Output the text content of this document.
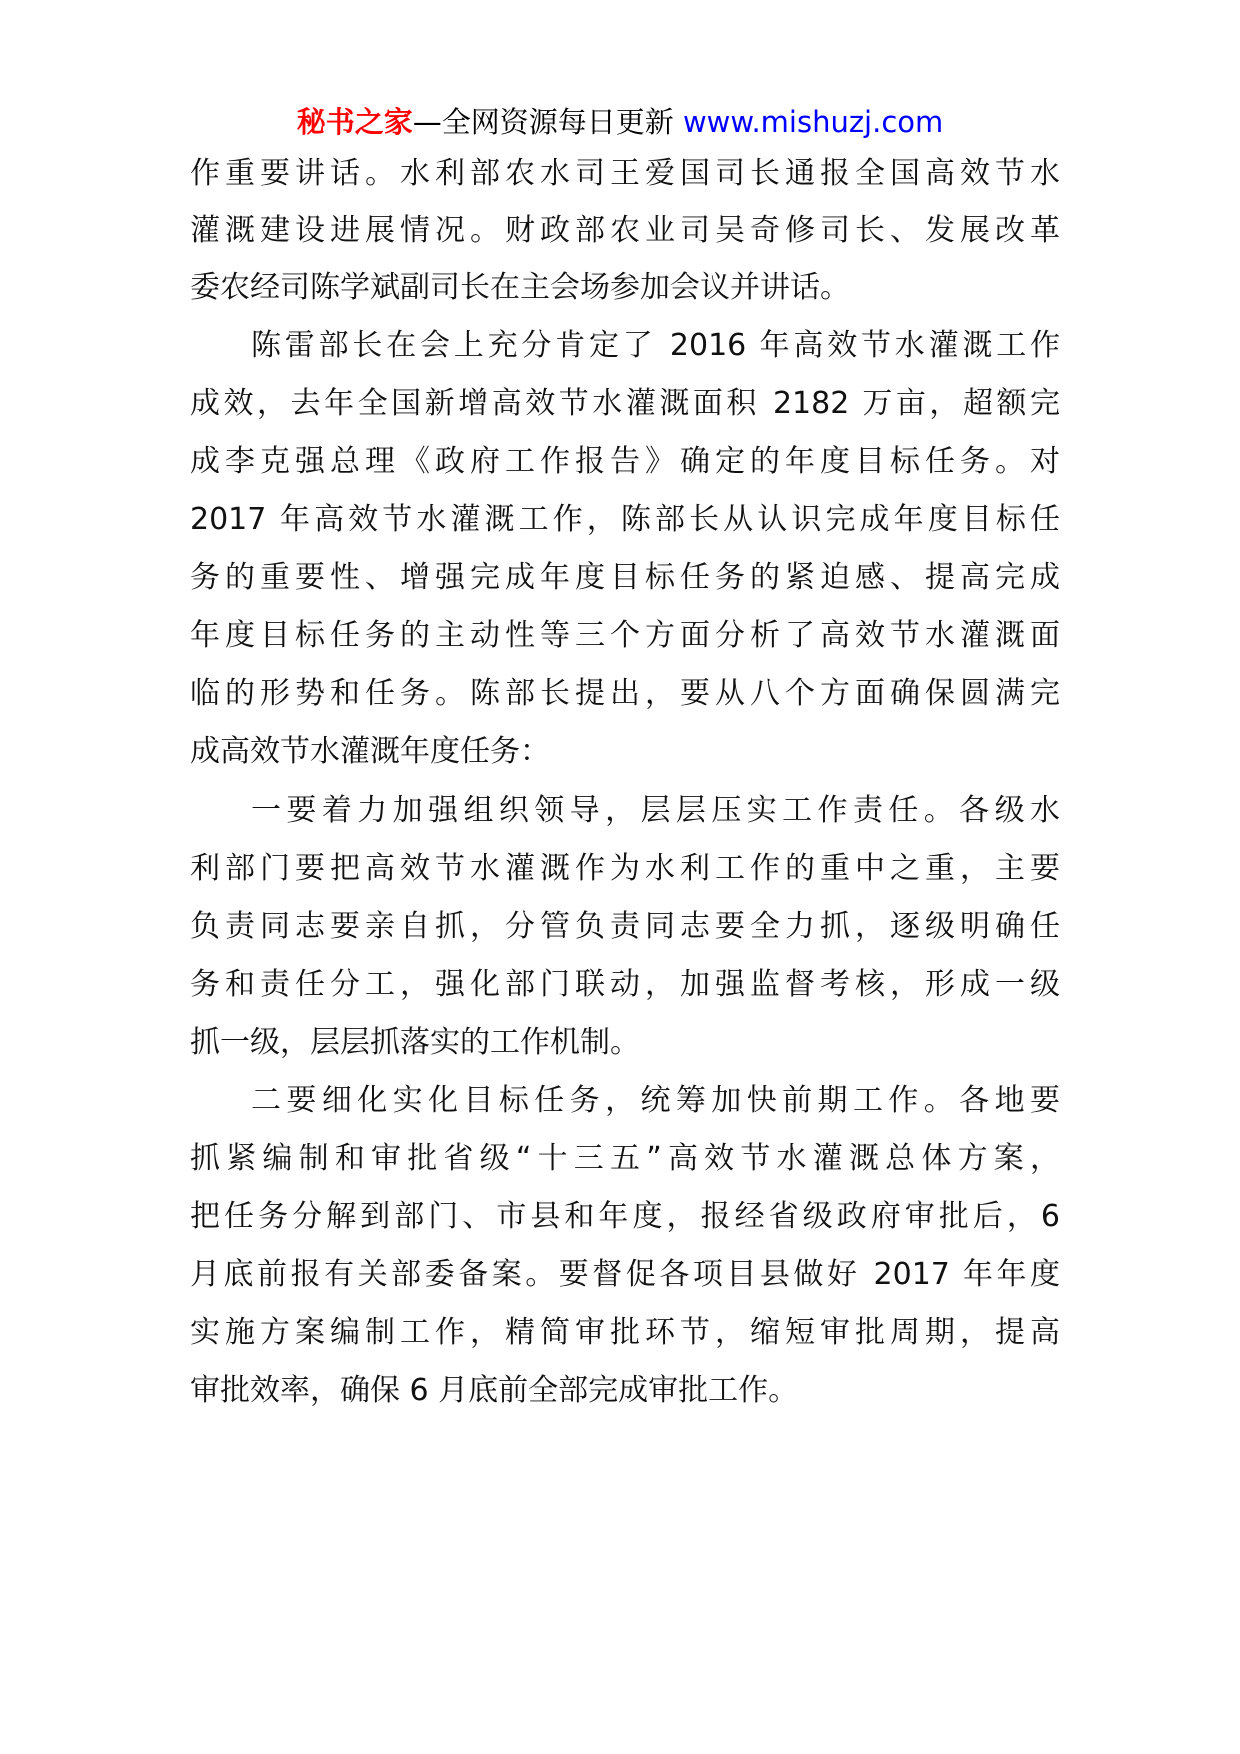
秘书之家—全网资源每日更新 www.mishuzj.com
作重要讲话。水利部农水司王爱国司长通报全国高效节水
灌溉建设进展情况。财政部农业司吴奇修司长、发展改革
委农经司陈学斌副司长在主会场参加会议并讲话。
陈雷部长在会上充分肯定了 2016 年高效节水灌溉工作
成效，去年全国新增高效节水灌溉面积 2182 万亩，超额完
成李克强总理《政府工作报告》确定的年度目标任务。对
2017 年高效节水灌溉工作，陈部长从认识完成年度目标任
务的重要性、增强完成年度目标任务的紧迫感、提高完成
年度目标任务的主动性等三个方面分析了高效节水灌溉面
临的形势和任务。陈部长提出，要从八个方面确保圆满完
成高效节水灌溉年度任务：
一要着力加强组织领导，层层压实工作责任。各级水
利部门要把高效节水灌溉作为水利工作的重中之重，主要
负责同志要亲自抓，分管负责同志要全力抓，逐级明确任
务和责任分工，强化部门联动，加强监督考核，形成一级
抓一级，层层抓落实的工作机制。
二要细化实化目标任务，统筹加快前期工作。各地要
抓紧编制和审批省级“十三五”高效节水灌溉总体方案，
把任务分解到部门、市县和年度，报经省级政府审批后，6
月底前报有关部委备案。要督促各项目县做好 2017 年年度
实施方案编制工作，精简审批环节，缩短审批周期，提高
审批效率，确保 6 月底前全部完成审批工作。
